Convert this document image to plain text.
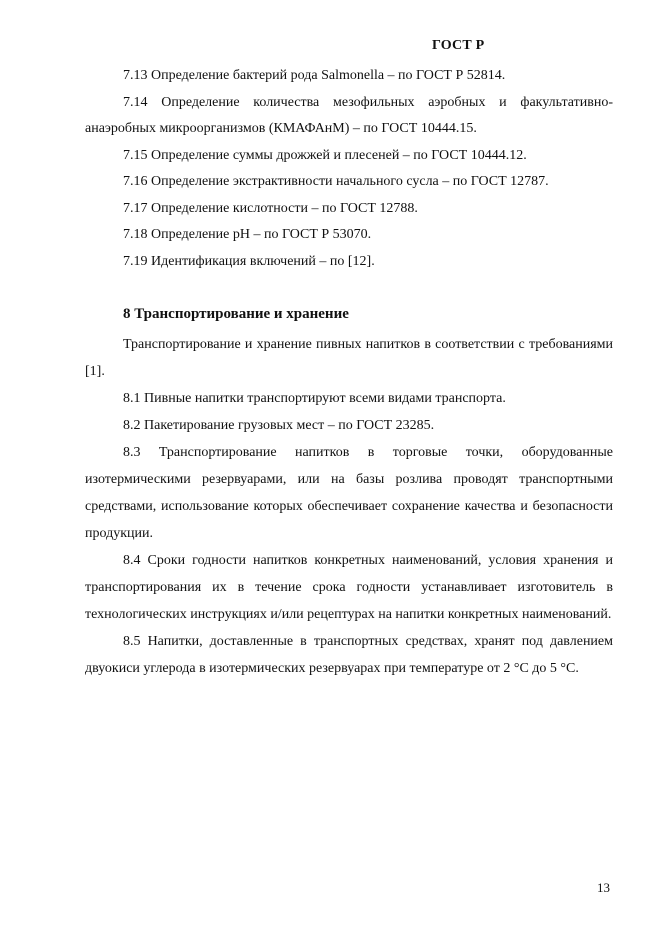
ГОСТ Р

7.13 Определение бактерий рода Salmonella – по ГОСТ Р 52814.

7.14 Определение количества мезофильных аэробных и факультативно-анаэробных микроорганизмов (КМАФАнМ) – по ГОСТ 10444.15.

7.15 Определение суммы дрожжей и плесеней – по ГОСТ 10444.12.

7.16 Определение экстрактивности начального сусла – по ГОСТ 12787.

7.17 Определение кислотности – по ГОСТ 12788.

7.18 Определение pH – по ГОСТ Р 53070.

7.19 Идентификация включений – по [12].

8 Транспортирование и хранение

Транспортирование и хранение пивных напитков в соответствии с требованиями [1].

8.1 Пивные напитки транспортируют всеми видами транспорта.

8.2 Пакетирование грузовых мест – по ГОСТ 23285.

8.3 Транспортирование напитков в торговые точки, оборудованные изотермическими резервуарами, или на базы розлива проводят транспортными средствами, использование которых обеспечивает сохранение качества и безопасности продукции.

8.4 Сроки годности напитков конкретных наименований, условия хранения и транспортирования их в течение срока годности устанавливает изготовитель в технологических инструкциях и/или рецептурах на напитки конкретных наименований.

8.5 Напитки, доставленные в транспортных средствах, хранят под давлением двуокиси углерода в изотермических резервуарах при температуре от 2 °С до 5 °С.

13
